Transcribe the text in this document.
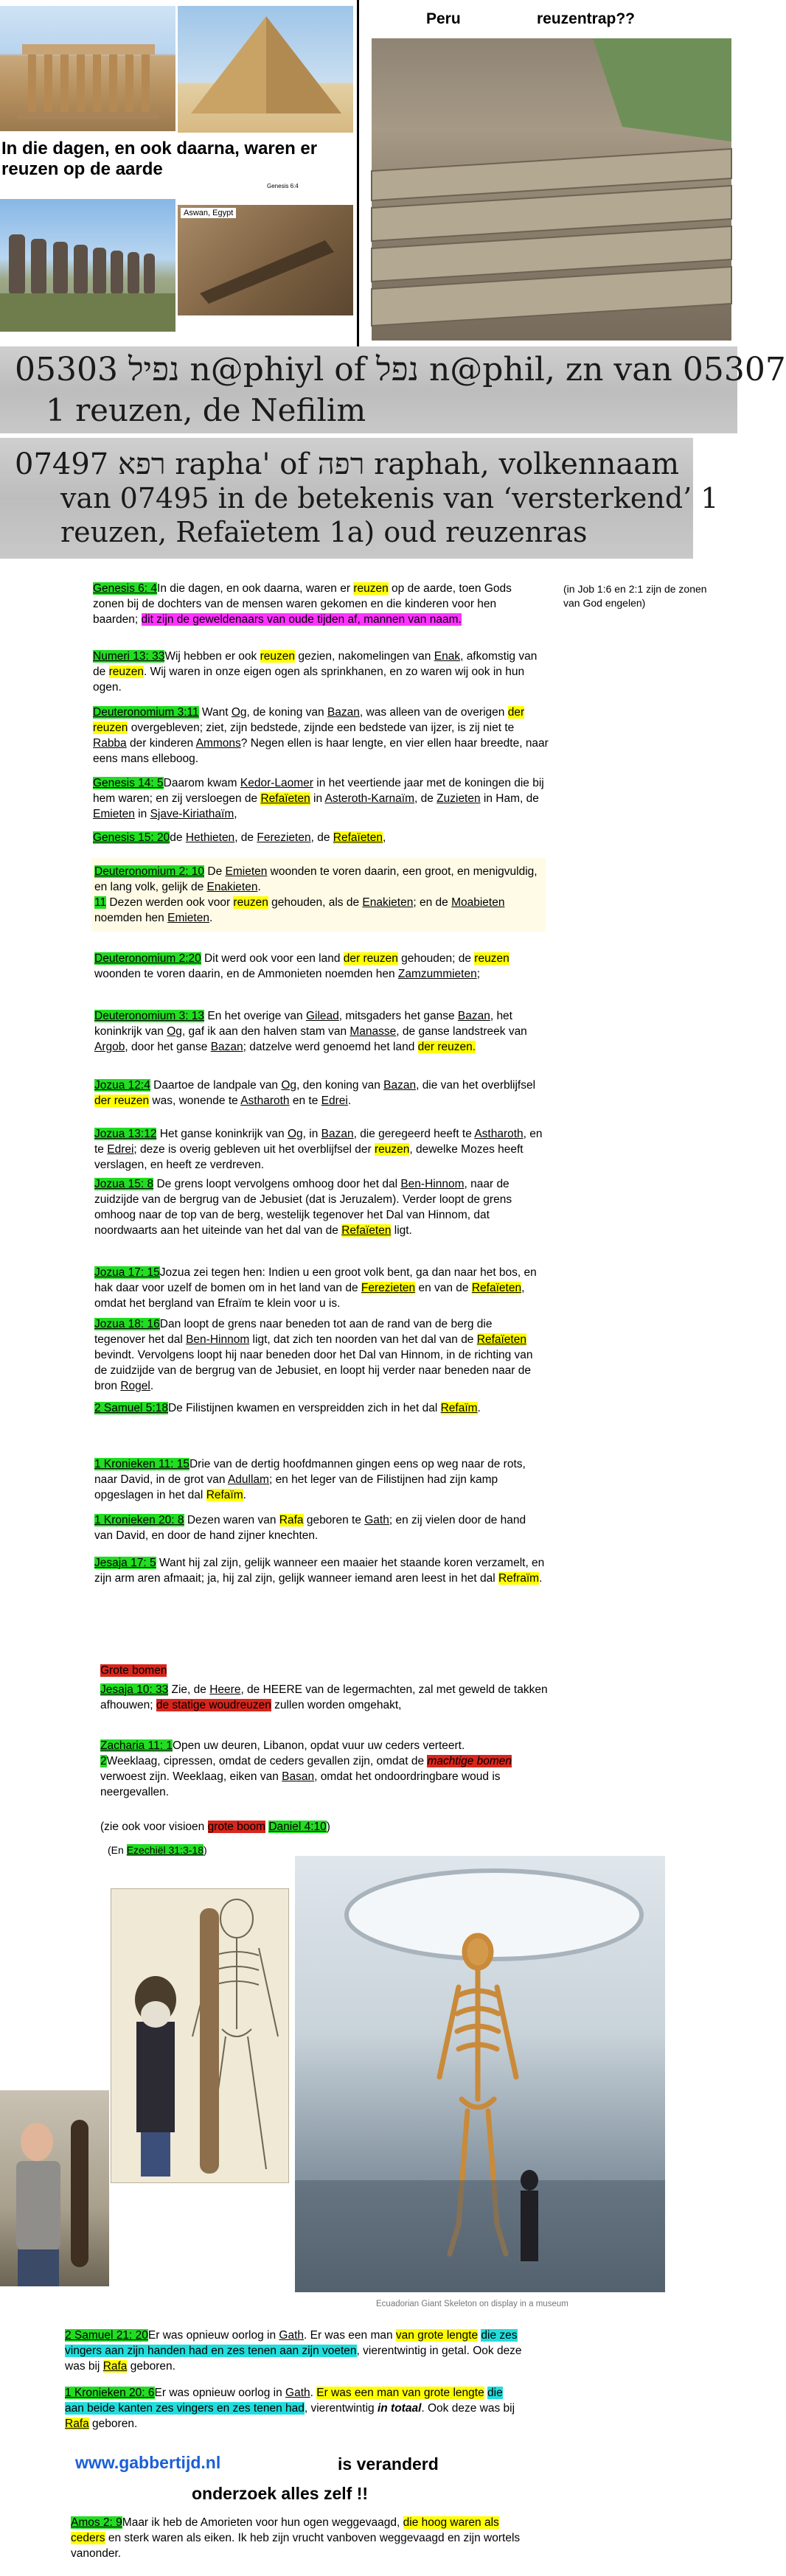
In die dagen, en ook daarna, waren er reuzen op de aarde
Genesis 6:4
Aswan, Egypt
Peru	reuzentrap??
05303 נפיל n@phiyl of נפל n@phil, zn van 05307
1 reuzen, de Nefilim
07497 רפא rapha' of רפה raphah, volkennaam
van 07495 in de betekenis van ‘versterkend’ 1
reuzen, Refaïetem 1a) oud reuzenras
(in Job 1:6 en 2:1 zijn de zonen van God engelen)
Genesis 6: 4In die dagen, en ook daarna, waren er reuzen op de aarde, toen Gods zonen bij de dochters van de mensen waren gekomen en die kinderen voor hen baarden; dit zijn de geweldenaars van oude tijden af, mannen van naam.
Numeri 13: 33Wij hebben er ook reuzen gezien, nakomelingen van Enak, afkomstig van de reuzen. Wij waren in onze eigen ogen als sprinkhanen, en zo waren wij ook in hun ogen.
Deuteronomium 3:11 Want Og, de koning van Bazan, was alleen van de overigen der reuzen overgebleven; ziet, zijn bedstede, zijnde een bedstede van ijzer, is zij niet te Rabba der kinderen Ammons? Negen ellen is haar lengte, en vier ellen haar breedte, naar eens mans elleboog.
Genesis 14: 5Daarom kwam Kedor-Laomer in het veertiende jaar met de koningen die bij hem waren; en zij versloegen de Refaïeten in Asteroth-Karnaïm, de Zuzieten in Ham, de Emieten in Sjave-Kiriathaïm,
Genesis 15: 20de Hethieten, de Ferezieten, de Refaïeten,

Deuteronomium 2: 10 De Emieten woonden te voren daarin, een groot, en menigvuldig, en lang volk, gelijk de Enakieten.

11 Dezen werden ook voor reuzen gehouden, als de Enakieten; en de Moabieten noemden hen Emieten.

Deuteronomium 2:20 Dit werd ook voor een land der reuzen gehouden; de reuzen woonden te voren daarin, en de Ammonieten noemden hen Zamzummieten;
Deuteronomium 3: 13 En het overige van Gilead, mitsgaders het ganse Bazan, het koninkrijk van Og, gaf ik aan den halven stam van Manasse, de ganse landstreek van Argob, door het ganse Bazan; datzelve werd genoemd het land der reuzen.
Jozua 12:4 Daartoe de landpale van Og, den koning van Bazan, die van het overblijfsel der reuzen was, wonende te Astharoth en te Edrei.
Jozua 13:12 Het ganse koninkrijk van Og, in Bazan, die geregeerd heeft te Astharoth, en te Edrei; deze is overig gebleven uit het overblijfsel der reuzen, dewelke Mozes heeft verslagen, en heeft ze verdreven.
Jozua 15: 8 De grens loopt vervolgens omhoog door het dal Ben-Hinnom, naar de zuidzijde van de bergrug van de Jebusiet (dat is Jeruzalem). Verder loopt de grens omhoog naar de top van de berg, westelijk tegenover het Dal van Hinnom, dat noordwaarts aan het uiteinde van het dal van de Refaïeten ligt.
Jozua 17: 15Jozua zei tegen hen: Indien u een groot volk bent, ga dan naar het bos, en hak daar voor uzelf de bomen om in het land van de Ferezieten en van de Refaïeten, omdat het bergland van Efraïm te klein voor u is.
Jozua 18: 16Dan loopt de grens naar beneden tot aan de rand van de berg die tegenover het dal Ben-Hinnom ligt, dat zich ten noorden van het dal van de Refaïeten bevindt. Vervolgens loopt hij naar beneden door het Dal van Hinnom, in de richting van de zuidzijde van de bergrug van de Jebusiet, en loopt hij verder naar beneden naar de bron Rogel.
2 Samuel 5:18De Filistijnen kwamen en verspreidden zich in het dal Refaïm.
1 Kronieken 11: 15Drie van de dertig hoofdmannen gingen eens op weg naar de rots, naar David, in de grot van Adullam; en het leger van de Filistijnen had zijn kamp opgeslagen in het dal Refaïm.
1 Kronieken 20: 8 Dezen waren van Rafa geboren te Gath; en zij vielen door de hand van David, en door de hand zijner knechten.
Jesaja 17: 5 Want hij zal zijn, gelijk wanneer een maaier het staande koren verzamelt, en zijn arm aren afmaait; ja, hij zal zijn, gelijk wanneer iemand aren leest in het dal Refraïm.
Grote bomen
Jesaja 10: 33 Zie, de Heere, de HEERE van de legermachten, zal met geweld de takken afhouwen; de statige woudreuzen zullen worden omgehakt,

Zacharia 11: 1Open uw deuren, Libanon, opdat vuur uw ceders verteert.

2Weeklaag, cipressen, omdat de ceders gevallen zijn, omdat de machtige bomen verwoest zijn. Weeklaag, eiken van Basan, omdat het ondoordringbare woud is neergevallen.

(zie ook voor visioen grote boom Daniel 4:10)
(En Ezechiël 31:3-18)
Ecuadorian Giant Skeleton on display in a museum
2 Samuel 21: 20Er was opnieuw oorlog in Gath. Er was een man van grote lengte die zes vingers aan zijn handen had en zes tenen aan zijn voeten, vierentwintig in getal. Ook deze was bij Rafa geboren.
1 Kronieken 20: 6Er was opnieuw oorlog in Gath. Er was een man van grote lengte die aan beide kanten zes vingers en zes tenen had, vierentwintig in totaal. Ook deze was bij Rafa geboren.
www.gabbertijd.nl	is veranderd
onderzoek alles zelf !!
Amos 2: 9Maar ik heb de Amorieten voor hun ogen weggevaagd, die hoog waren als ceders en sterk waren als eiken. Ik heb zijn vrucht vanboven weggevaagd en zijn wortels vanonder.
